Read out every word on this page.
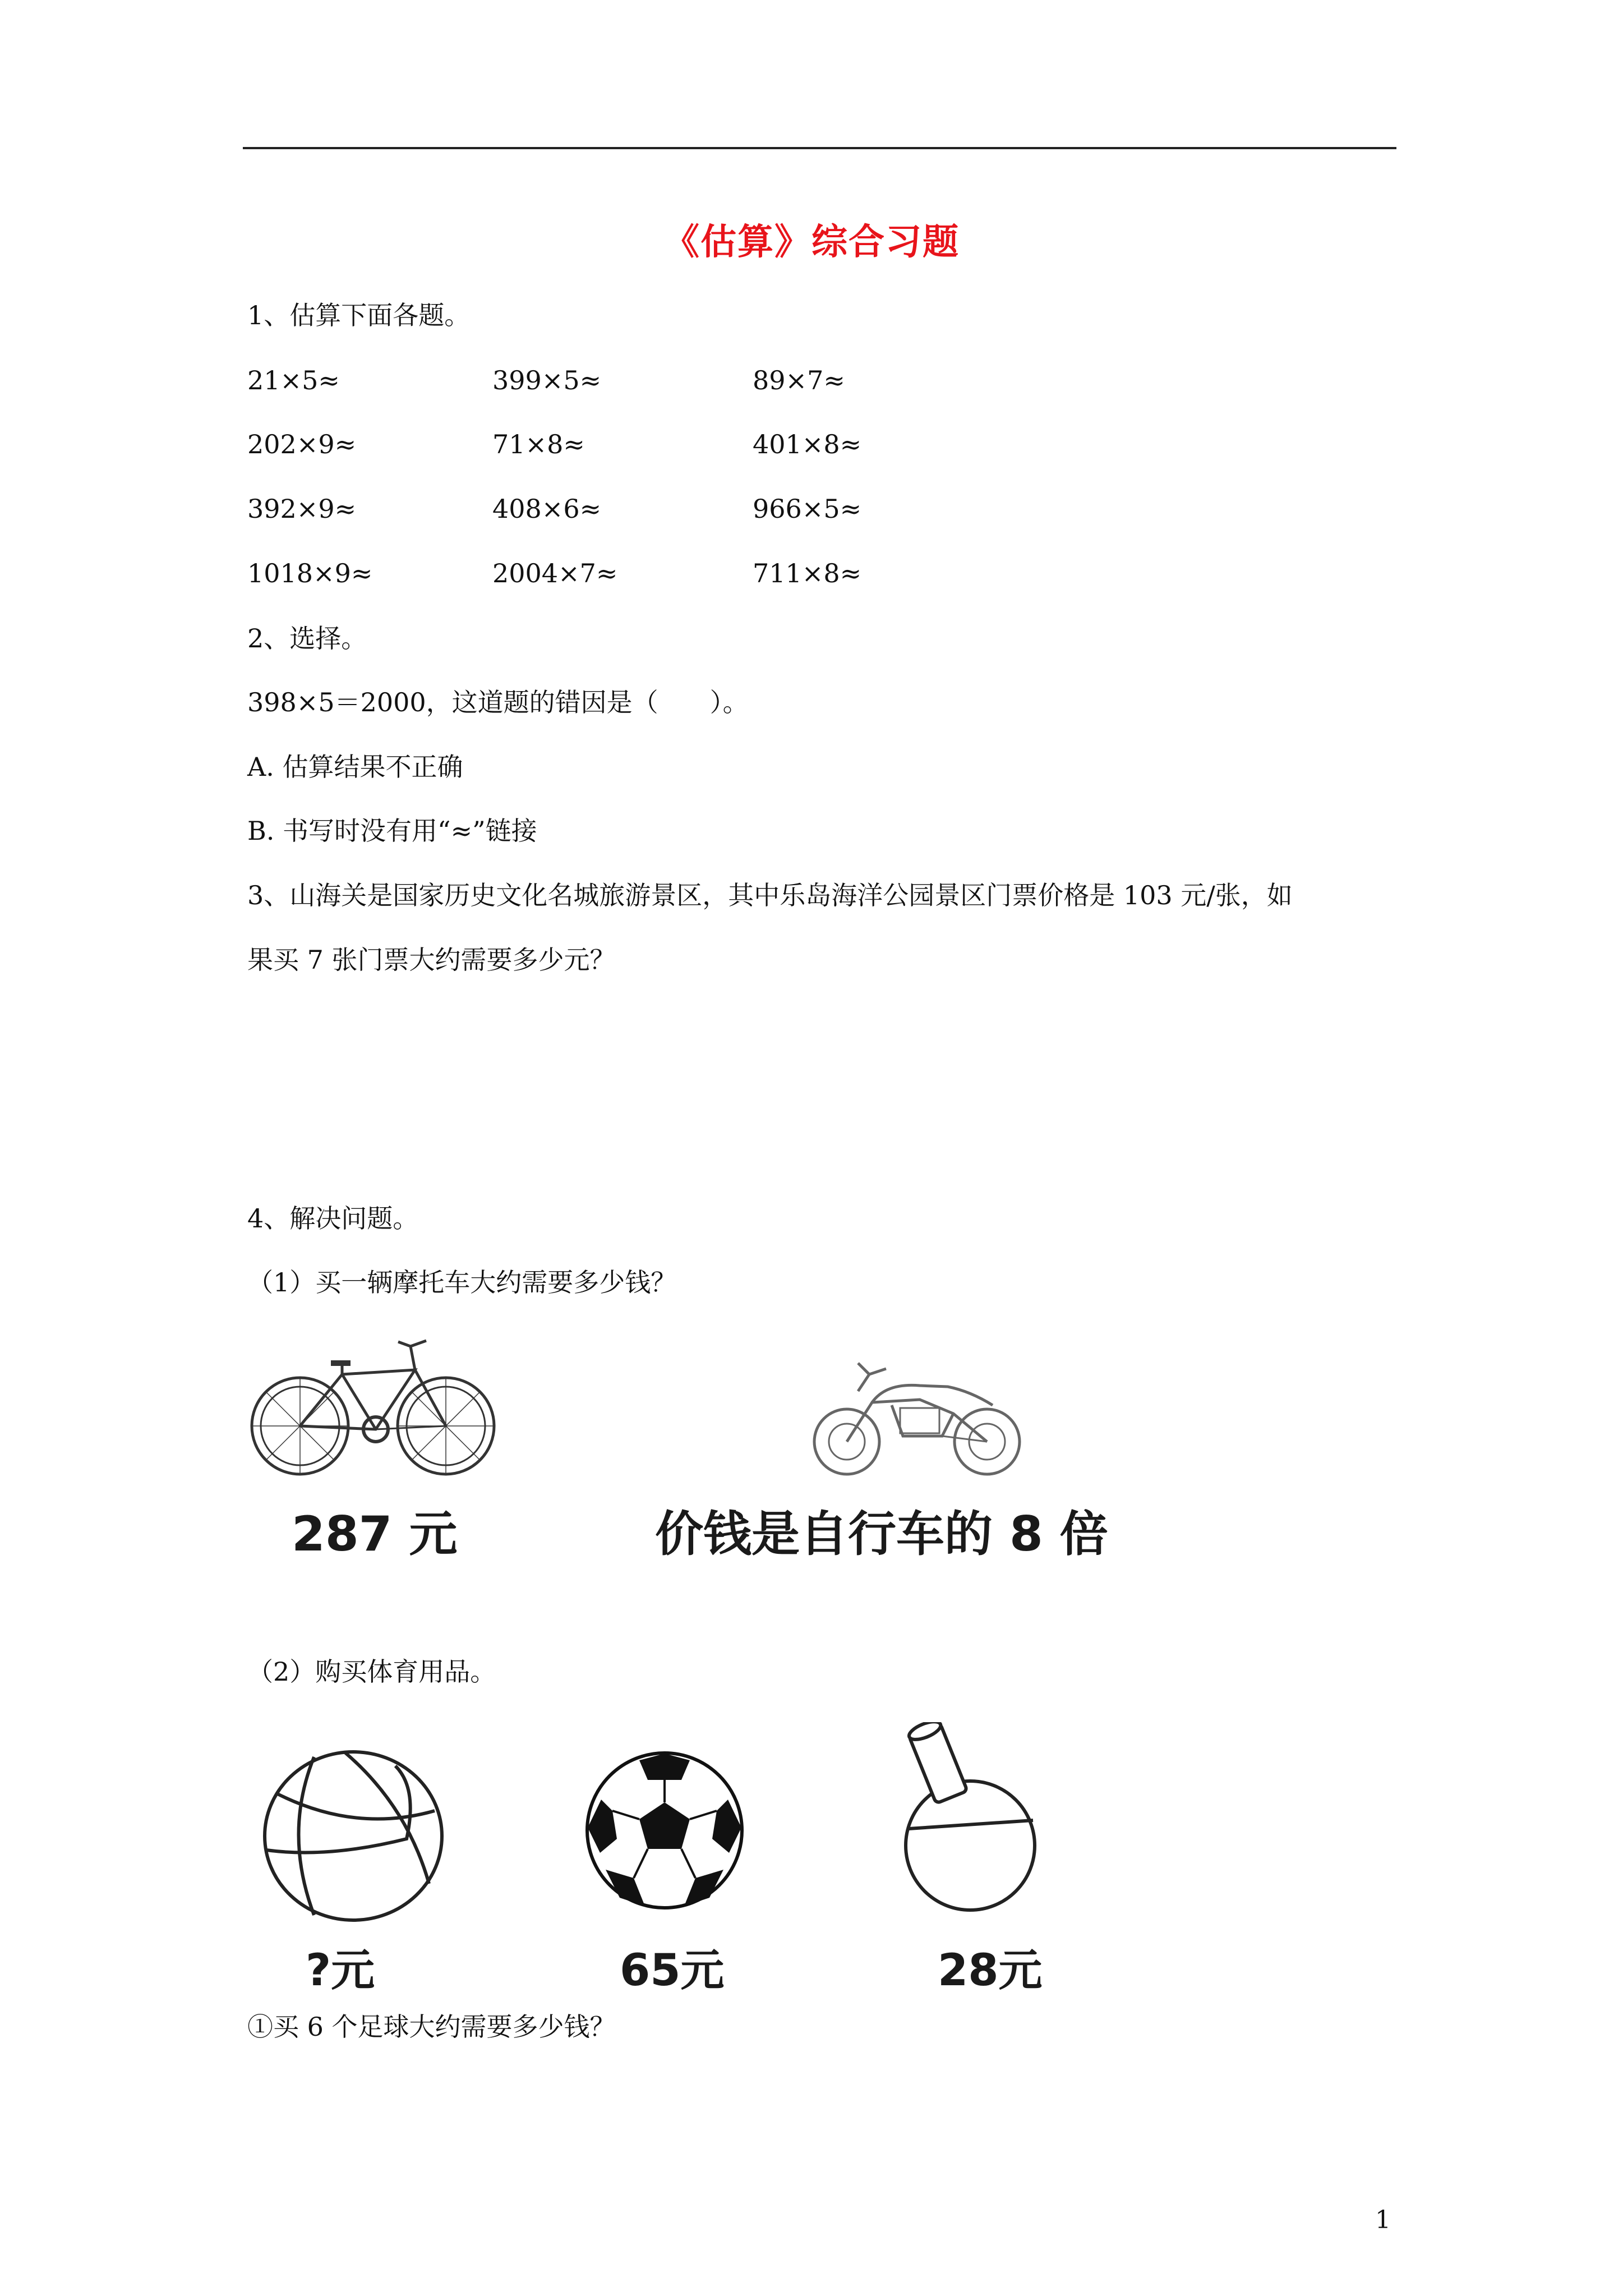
《估算》综合习题
1、估算下面各题。
21×5≈	399×5≈	89×7≈
202×9≈	71×8≈	401×8≈
392×9≈	408×6≈	966×5≈
1018×9≈	2004×7≈	711×8≈
2、选择。
398×5＝2000，这道题的错因是（　　）。
A. 估算结果不正确
B. 书写时没有用“≈”链接
3、山海关是国家历史文化名城旅游景区，其中乐岛海洋公园景区门票价格是 103 元/张，如
果买 7 张门票大约需要多少元？
4、解决问题。
（1）买一辆摩托车大约需要多少钱？
287 元	价钱是自行车的 8 倍
（2）购买体育用品。
?元	65元	28元
①买 6 个足球大约需要多少钱？
1
